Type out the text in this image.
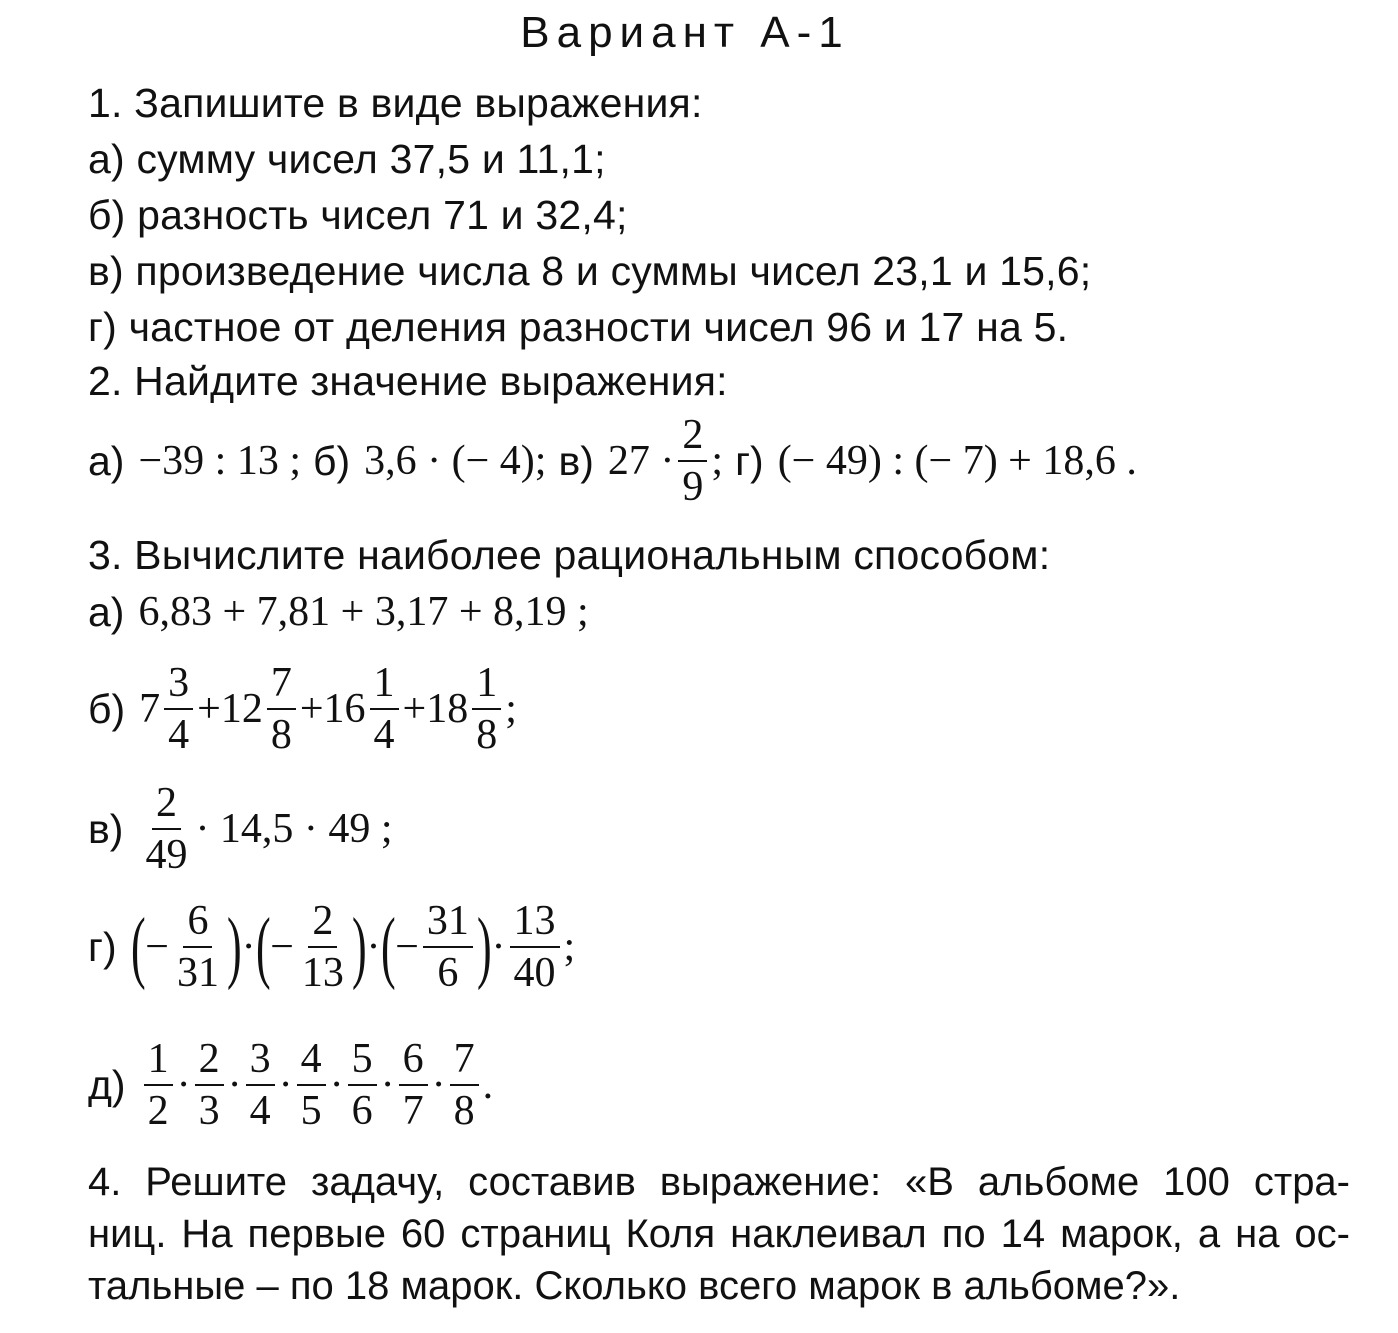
Вариант А-1
1. Запишите в виде выражения:
а) сумму чисел 37,5 и 11,1;
б) разность чисел 71 и 32,4;
в) произведение числа 8 и суммы чисел 23,1 и 15,6;
г) частное от деления разности чисел 96 и 17 на 5.
2. Найдите значение выражения:
а) −39 : 13 ; б) 3,6 · (− 4); в) $27 \cdot \frac{2}{9}$ ; г) (− 49) : (− 7) + 18,6 .
3. Вычислите наиболее рациональным способом:
а) 6,83 + 7,81 + 3,17 + 8,19 ;
б) $7 \frac{3}{4} + 12 \frac{7}{8} + 16 \frac{1}{4} + 18 \frac{1}{8}$ ;
$в) \frac{2}{49} \cdot 14,5 \cdot 49$ ;
г) ( − $\frac{6}{31}$ ) · ( − $\frac{2}{13}$ ) · ( − $\frac{31}{6}$ ) · $\frac{13}{40}$ ;
$д) \frac{1}{2} \cdot \frac{2}{3} \cdot \frac{3}{4} \cdot \frac{4}{5} \cdot \frac{5}{6} \cdot \frac{6}{7} \cdot \frac{7}{8}$ .
4. Решите задачу, составив выражение: «В альбоме 100 стра-
ниц. На первые 60 страниц Коля наклеивал по 14 марок, а на ос-
тальные – по 18 марок. Сколько всего марок в альбоме?».
